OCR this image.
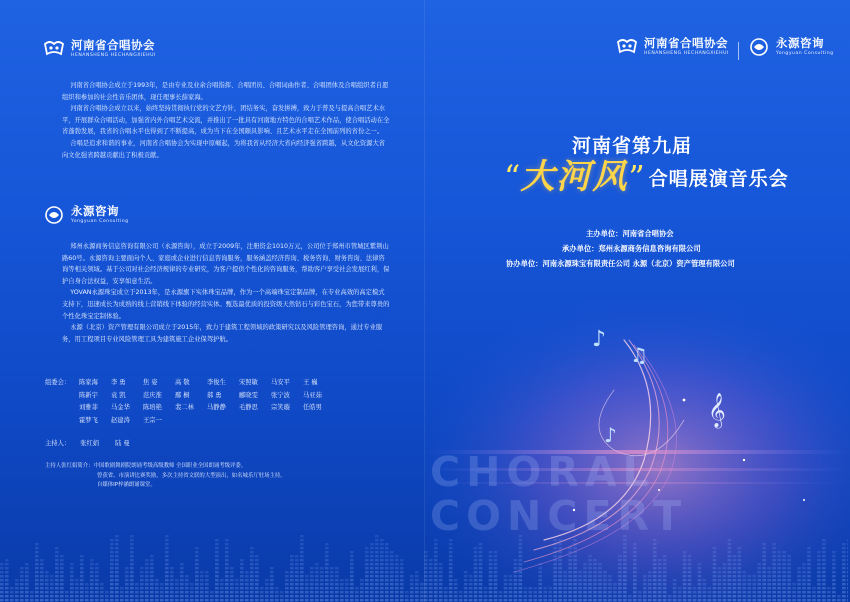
河南省合唱协会
HENANSHENG HECHANGXIEHUI

河南省合唱协会成立于1993年，是由专业及业余合唱指挥、合唱团员、合唱词曲作者、合唱团体及合唱组织者自愿组织和参加的社会性音乐团体，现任理事长薛家海。

河南省合唱协会成立以来，始终坚持贯彻执行党的文艺方针，团结务实，奋发拼搏，致力于普及与提高合唱艺术水平，开展群众合唱活动，加强省内外合唱艺术交流，并推出了一批具有河南地方特色的合唱艺术作品，使合唱活动在全省蓬勃发展，我省的合唱水平也得到了不断提高，成为当下在全国颇具影响、且艺术水平走在全国前列的省份之一。

合唱是追求和谐的事业，河南省合唱协会为实现中原崛起，为将我省从经济大省向经济强省跨越，从文化资源大省向文化强省跨越贡献出了积极贡献。

永源咨询
Yongyuan Consulting

郑州永源商务信息咨询有限公司（永源咨询），成立于2009年，注册资金1010万元，公司位于郑州市管城区紫荆山路60号。永源咨询主要面向个人、家庭或企业进行信息咨询服务，服务涵盖经济咨询、税务咨询、财务咨询、法律咨询等相关领域。基于公司对社会经济规律的专业研究，为客户提供个性化的咨询服务，帮助客户享受社会发展红利，保护自身合法权益，安享如意生活。

YOVAN永源珠宝成立于2013年，是永源旗下实体珠宝品牌，作为一个高端珠宝定制品牌，在专业高效的高定模式支持下，迅速成长为成熟的线上营销线下体验的经营实体。甄选最优质的投资级天然钻石与彩色宝石，为您带来尊贵的个性化珠宝定制体验。

永源（北京）资产管理有限公司成立于2015年，致力于建筑工程领域的政策研究以及风险管理咨询，通过专业服务，用工程项目专业风险管理工具为建筑施工企业保驾护航。

组委会： 陈家海	李 勇	焦 姿	高 敬	李俊生	宋照敏	马安平	王 巍
陈新宇	袁 凯	范庆淮	鄢 桐	郝 勇	郦晓雯	张宁波	马亚茹
刘雅菲	马金华	陈培艳	裴二林	马静静	毛静思	宗笑璇	任皓男
霍梦飞	赵建涛	王宗一
主持人： 张红娟	陆 曼
主持人张红娟简介：中国歌剧舞剧院朗诵考级高级教师 全国职业全国朗诵考级评委。
曾获省、市演讲比赛奖励，多次主持省文联的大型演出，如名城乐厅驻场主持。
自媒体IP梓涵朗诵课堂。
♪
♫
𝄞
♪
CHORAL
CONCERT
河南省合唱协会
HENANSHENG HECHANGXIEHUI
永源咨询
Yongyuan Consulting
河南省第九届
“ 大河风 ” 合唱展演音乐会
主办单位：河南省合唱协会
承办单位：郑州永源商务信息咨询有限公司
协办单位：河南永源珠宝有限责任公司 永源（北京）资产管理有限公司
